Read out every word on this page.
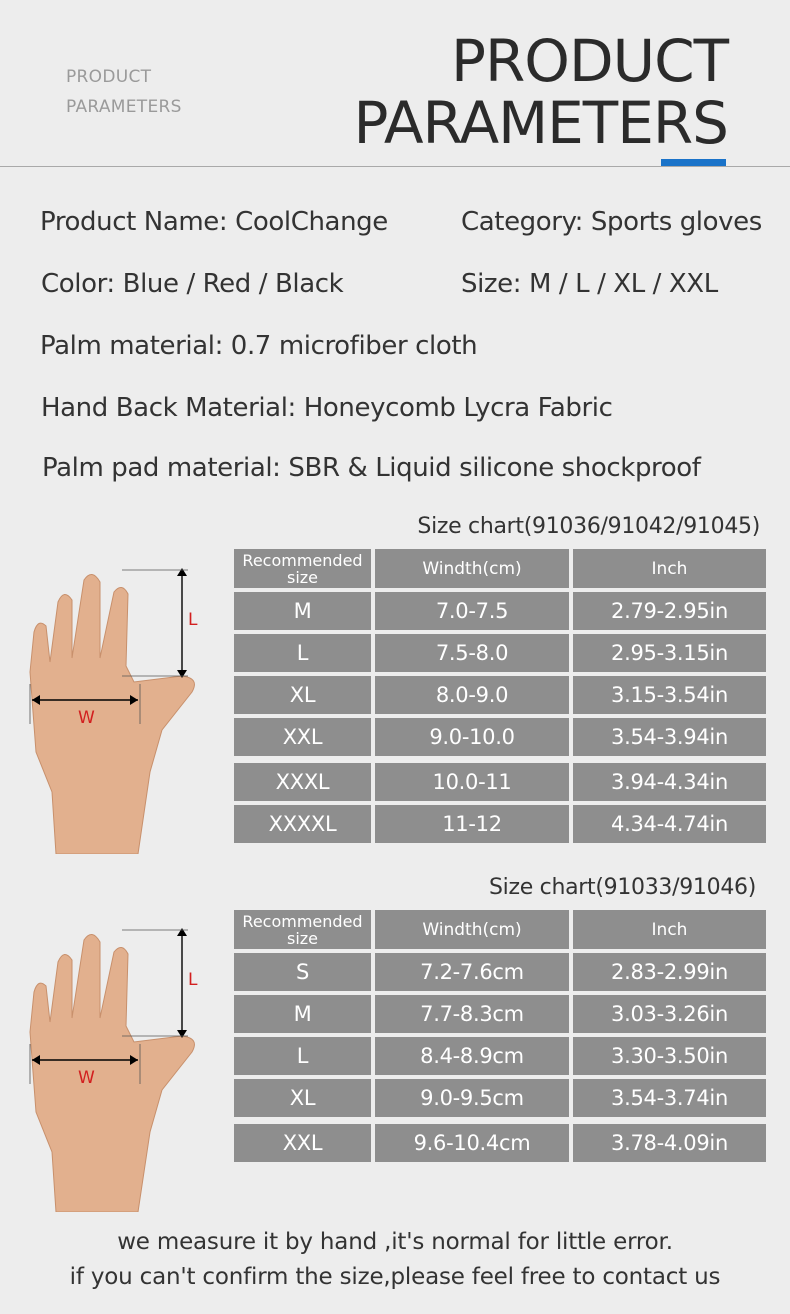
PRODUCT
PARAMETERS
PRODUCT
PARAMETERS
Product Name: CoolChange	Category: Sports gloves
Color: Blue / Red / Black	Size: M / L / XL / XXL
Palm material: 0.7 microfiber cloth
Hand Back Material: Honeycomb Lycra Fabric
Palm pad material: SBR & Liquid silicone shockproof
Size chart(91036/91042/91045)
L
W
Recommended
size	Windth(cm)	Inch
M	7.0-7.5	2.79-2.95in
L	7.5-8.0	2.95-3.15in
XL	8.0-9.0	3.15-3.54in
XXL	9.0-10.0	3.54-3.94in
XXXL	10.0-11	3.94-4.34in
XXXXL	11-12	4.34-4.74in
Size chart(91033/91046)
L
W
Recommended
size	Windth(cm)	Inch
S	7.2-7.6cm	2.83-2.99in
M	7.7-8.3cm	3.03-3.26in
L	8.4-8.9cm	3.30-3.50in
XL	9.0-9.5cm	3.54-3.74in
XXL	9.6-10.4cm	3.78-4.09in
we measure it by hand ,it's normal for little error.
if you can't confirm the size,please feel free to contact us
